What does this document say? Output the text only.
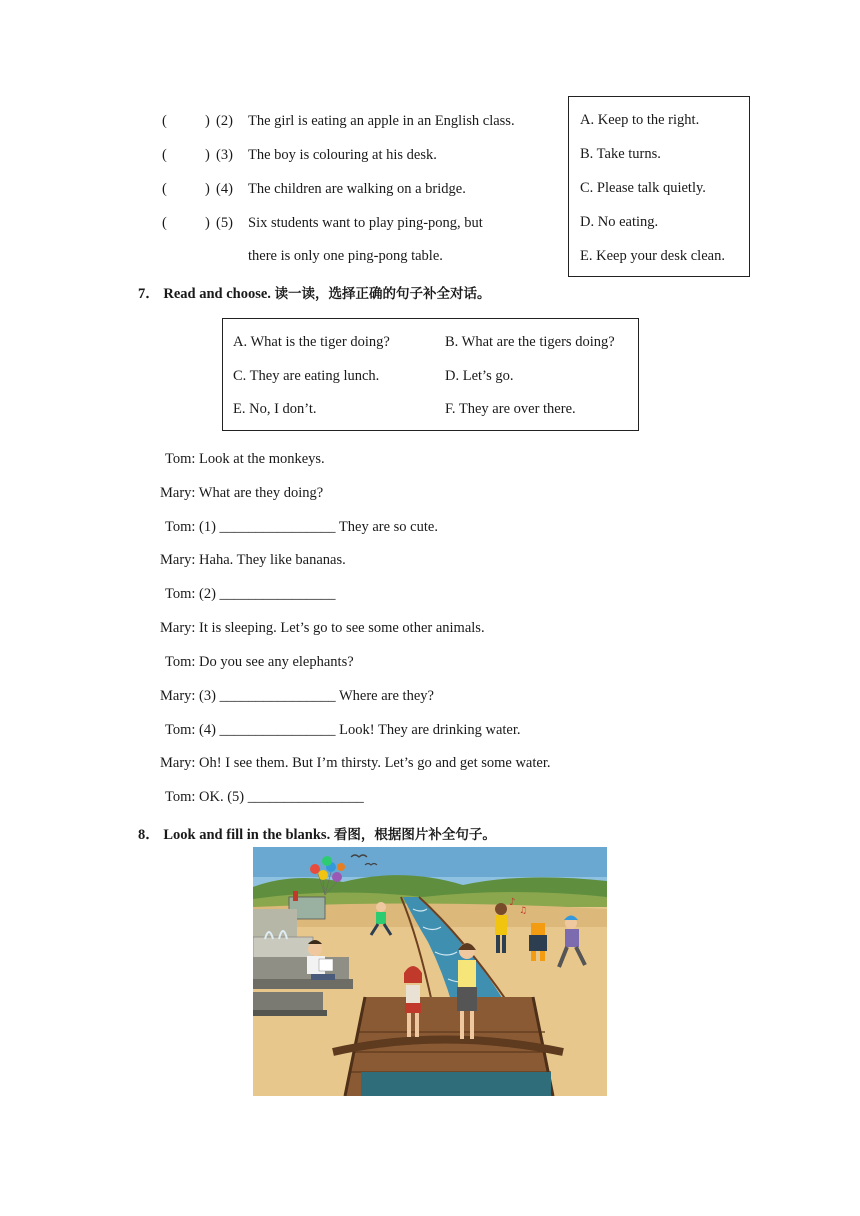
(	) (2) The girl is eating an apple in an English class.
(	) (3) The boy is colouring at his desk.
(	) (4) The children are walking on a bridge.
(	) (5) Six students want to play ping-pong, but
there is only one ping-pong table.
A. Keep to the right.
B. Take turns.
C. Please talk quietly.
D. No eating.
E. Keep your desk clean.
7． Read and choose. 读一读，选择正确的句子补全对话。
A. What is the tiger doing?	B. What are the tigers doing?
C. They are eating lunch.	D. Let’s go.
E. No, I don’t.	F. They are over there.
Tom: Look at the monkeys.
Mary: What are they doing?
Tom: (1) ________________ They are so cute.
Mary: Haha. They like bananas.
Tom: (2) ________________
Mary: It is sleeping. Let’s go to see some other animals.
Tom: Do you see any elephants?
Mary: (3) ________________ Where are they?
Tom: (4) ________________ Look! They are drinking water.
Mary: Oh! I see them. But I’m thirsty. Let’s go and get some water.
Tom: OK. (5) ________________
8． Look and fill in the blanks. 看图，根据图片补全句子。
♪
♫
